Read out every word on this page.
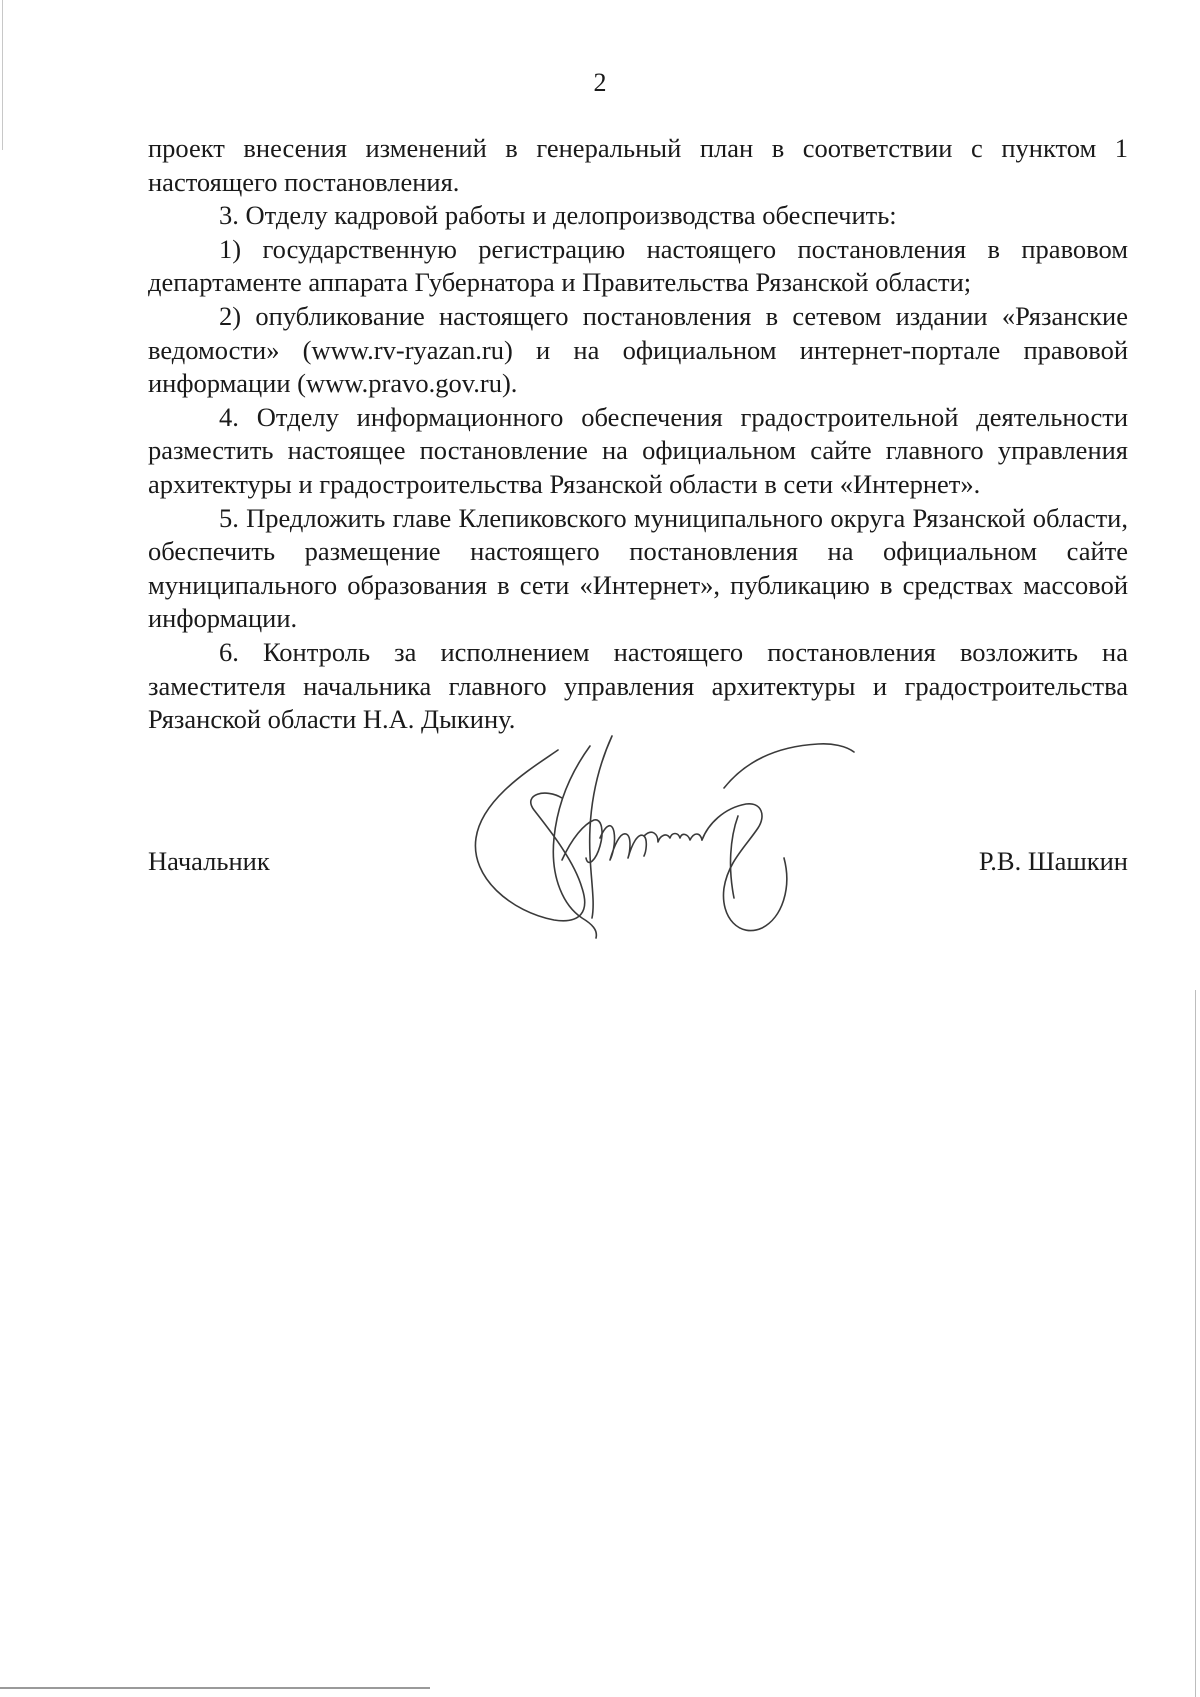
2

проект внесения изменений в генеральный план в соответствии с пунктом 1 настоящего постановления.

3. Отделу кадровой работы и делопроизводства обеспечить:

1) государственную регистрацию настоящего постановления в правовом департаменте аппарата Губернатора и Правительства Рязанской области;

2) опубликование настоящего постановления в сетевом издании «Рязанские ведомости» (www.rv-ryazan.ru) и на официальном интернет-портале правовой информации (www.pravo.gov.ru).

4. Отделу информационного обеспечения градостроительной деятельности разместить настоящее постановление на официальном сайте главного управления архитектуры и градостроительства Рязанской области в сети «Интернет».

5. Предложить главе Клепиковского муниципального округа Рязанской области, обеспечить размещение настоящего постановления на официальном сайте муниципального образования в сети «Интернет», публикацию в средствах массовой информации.

6. Контроль за исполнением настоящего постановления возложить на заместителя начальника главного управления архитектуры и градостроительства Рязанской области Н.А. Дыкину.

Начальник	Р.В. Шашкин
